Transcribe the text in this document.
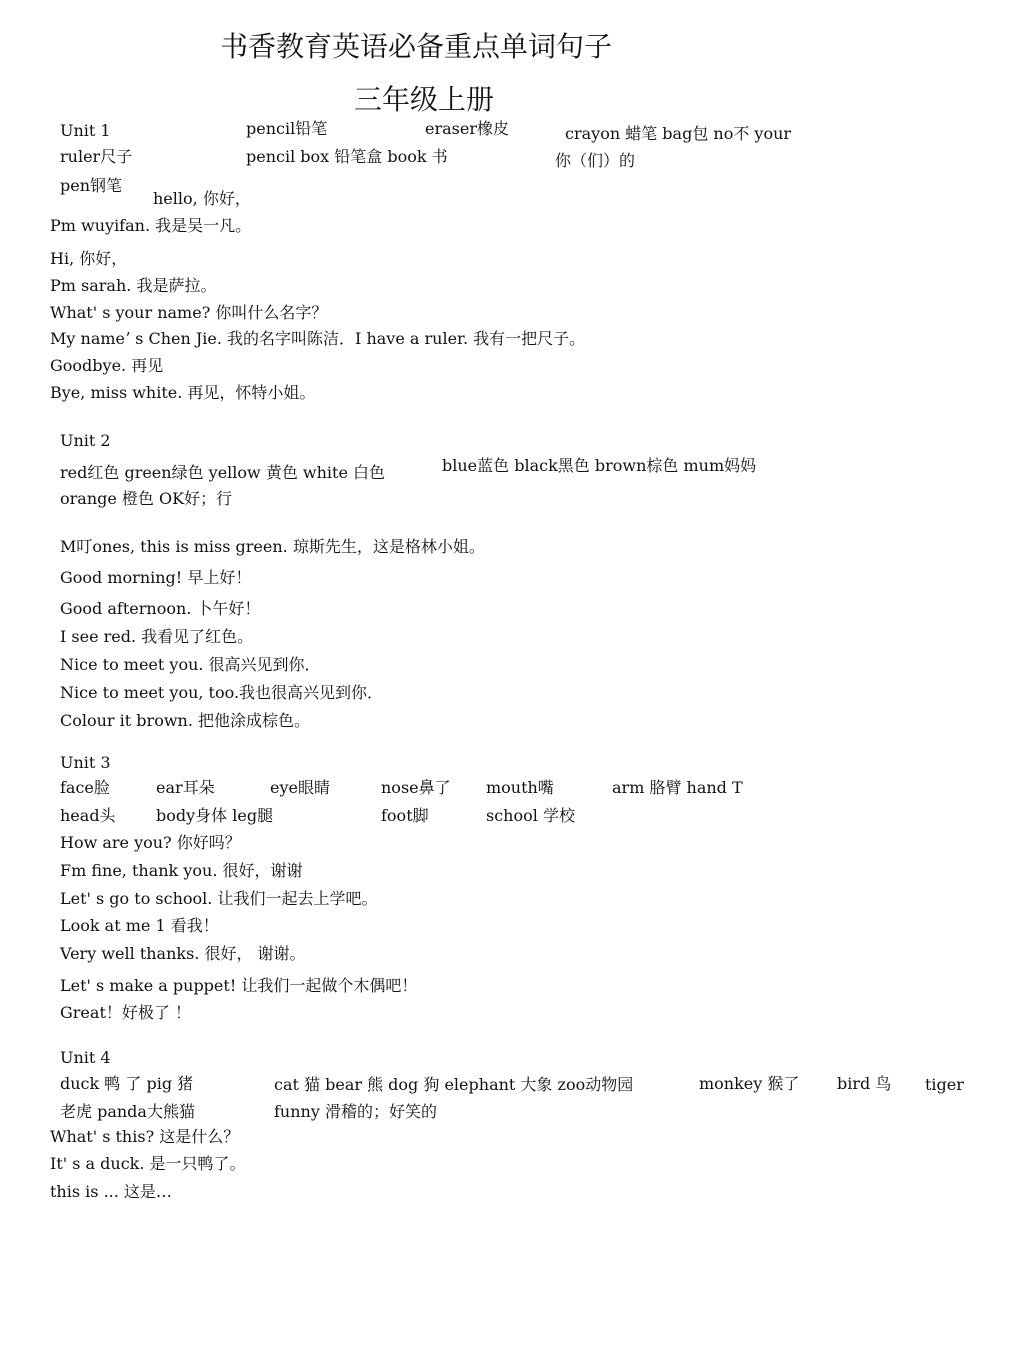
书香教育英语必备重点单词句子
三年级上册
Unit 1	pencil铅笔	eraser橡皮	crayon 蜡笔 bag包 no不 your
ruler尺子	pencil box 铅笔盒 book 书	你（们）的
pen钢笔
hello, 你好，
Pm wuyifan. 我是吴一凡。
Hi, 你好，
Pm sarah. 我是萨拉。
What' s your name? 你叫什么名字？
My nameʼ s Chen Jie. 我的名字叫陈洁．I have a ruler. 我有一把尺子。
Goodbye. 再见
Bye, miss white. 再见，怀特小姐。
Unit 2
red红色 green绿色 yellow 黄色 white 白色	blue蓝色 black黑色 brown棕色 mum妈妈
orange 橙色 OK好；行
M叮ones, this is miss green. 琼斯先生，这是格林小姐。
Good morning! 早上好！
Good afternoon. 卜午好！
I see red. 我看见了红色。
Nice to meet you. 很高兴见到你．
Nice to meet you, too.我也很高兴见到你．
Colour it brown. 把他涂成棕色。
Unit 3
face脸	ear耳朵	eye眼睛	nose鼻了 mouth嘴	arm 胳臂 hand T
head头	body身体 leg腿	foot脚	school 学校
How are you? 你好吗？
Fm fine, thank you. 很好，谢谢
Let' s go to school. 让我们一起去上学吧。
Look at me 1 看我！
Very well thanks. 很好， 谢谢。
Let' s make a puppet! 让我们一起做个木偶吧！
Great！好极了 ！
Unit 4
duck 鸭 了 pig 猪	cat 猫 bear 熊 dog 狗 elephant 大象 zoo动物园	monkey 猴了 bird 鸟 tiger
老虎 panda大熊猫	funny 滑稽的；好笑的
What' s this? 这是什么？
It' s a duck. 是一只鸭了。
this is ... 这是…
